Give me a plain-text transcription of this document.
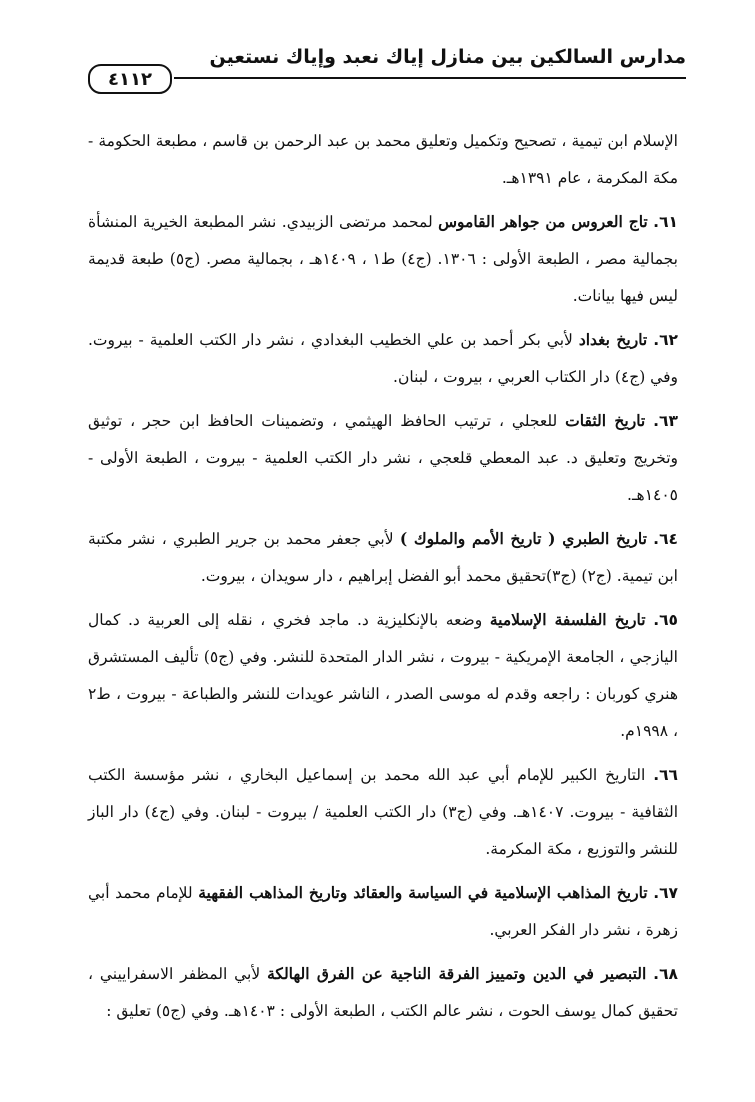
مدارس السالكين بين منازل إياك نعبد وإياك نستعين
٤١١٢

الإسلام ابن تيمية ، تصحيح وتكميل وتعليق محمد بن عبد الرحمن بن قاسم ، مطبعة الحكومة - مكة المكرمة ، عام ١٣٩١هـ.

٦١. تاج العروس من جواهر القاموس لمحمد مرتضى الزبيدي. نشر المطبعة الخيرية المنشأة بجمالية مصر ، الطبعة الأولى : ١٣٠٦. (ج٤) ط١ ، ١٤٠٩هـ ، بجمالية مصر. (ج٥) طبعة قديمة ليس فيها بيانات.

٦٢. تاريخ بغداد لأبي بكر أحمد بن علي الخطيب البغدادي ، نشر دار الكتب العلمية - بيروت. وفي (ج٤) دار الكتاب العربي ، بيروت ، لبنان.

٦٣. تاريخ الثقات للعجلي ، ترتيب الحافظ الهيثمي ، وتضمينات الحافظ ابن حجر ، توثيق وتخريج وتعليق د. عبد المعطي قلعجي ، نشر دار الكتب العلمية - بيروت ، الطبعة الأولى - ١٤٠٥هـ.

٦٤. تاريخ الطبري ( تاريخ الأمم والملوك ) لأبي جعفر محمد بن جرير الطبري ، نشر مكتبة ابن تيمية. (ج٢) (ج٣)تحقيق محمد أبو الفضل إبراهيم ، دار سويدان ، بيروت.

٦٥. تاريخ الفلسفة الإسلامية وضعه بالإنكليزية د. ماجد فخري ، نقله إلى العربية د. كمال اليازجي ، الجامعة الإمريكية - بيروت ، نشر الدار المتحدة للنشر. وفي (ج٥) تأليف المستشرق هنري كوربان : راجعه وقدم له موسى الصدر ، الناشر عويدات للنشر والطباعة - بيروت ، ط٢ ، ١٩٩٨م.

٦٦. التاريخ الكبير للإمام أبي عبد الله محمد بن إسماعيل البخاري ، نشر مؤسسة الكتب الثقافية - بيروت. ١٤٠٧هـ. وفي (ج٣) دار الكتب العلمية / بيروت - لبنان. وفي (ج٤) دار الباز للنشر والتوزيع ، مكة المكرمة.

٦٧. تاريخ المذاهب الإسلامية في السياسة والعقائد وتاريخ المذاهب الفقهية للإمام محمد أبي زهرة ، نشر دار الفكر العربي.

٦٨. التبصير في الدين وتمييز الفرقة الناجية عن الفرق الهالكة لأبي المظفر الاسفراييني ، تحقيق كمال يوسف الحوت ، نشر عالم الكتب ، الطبعة الأولى : ١٤٠٣هـ. وفي (ج٥) تعليق :
